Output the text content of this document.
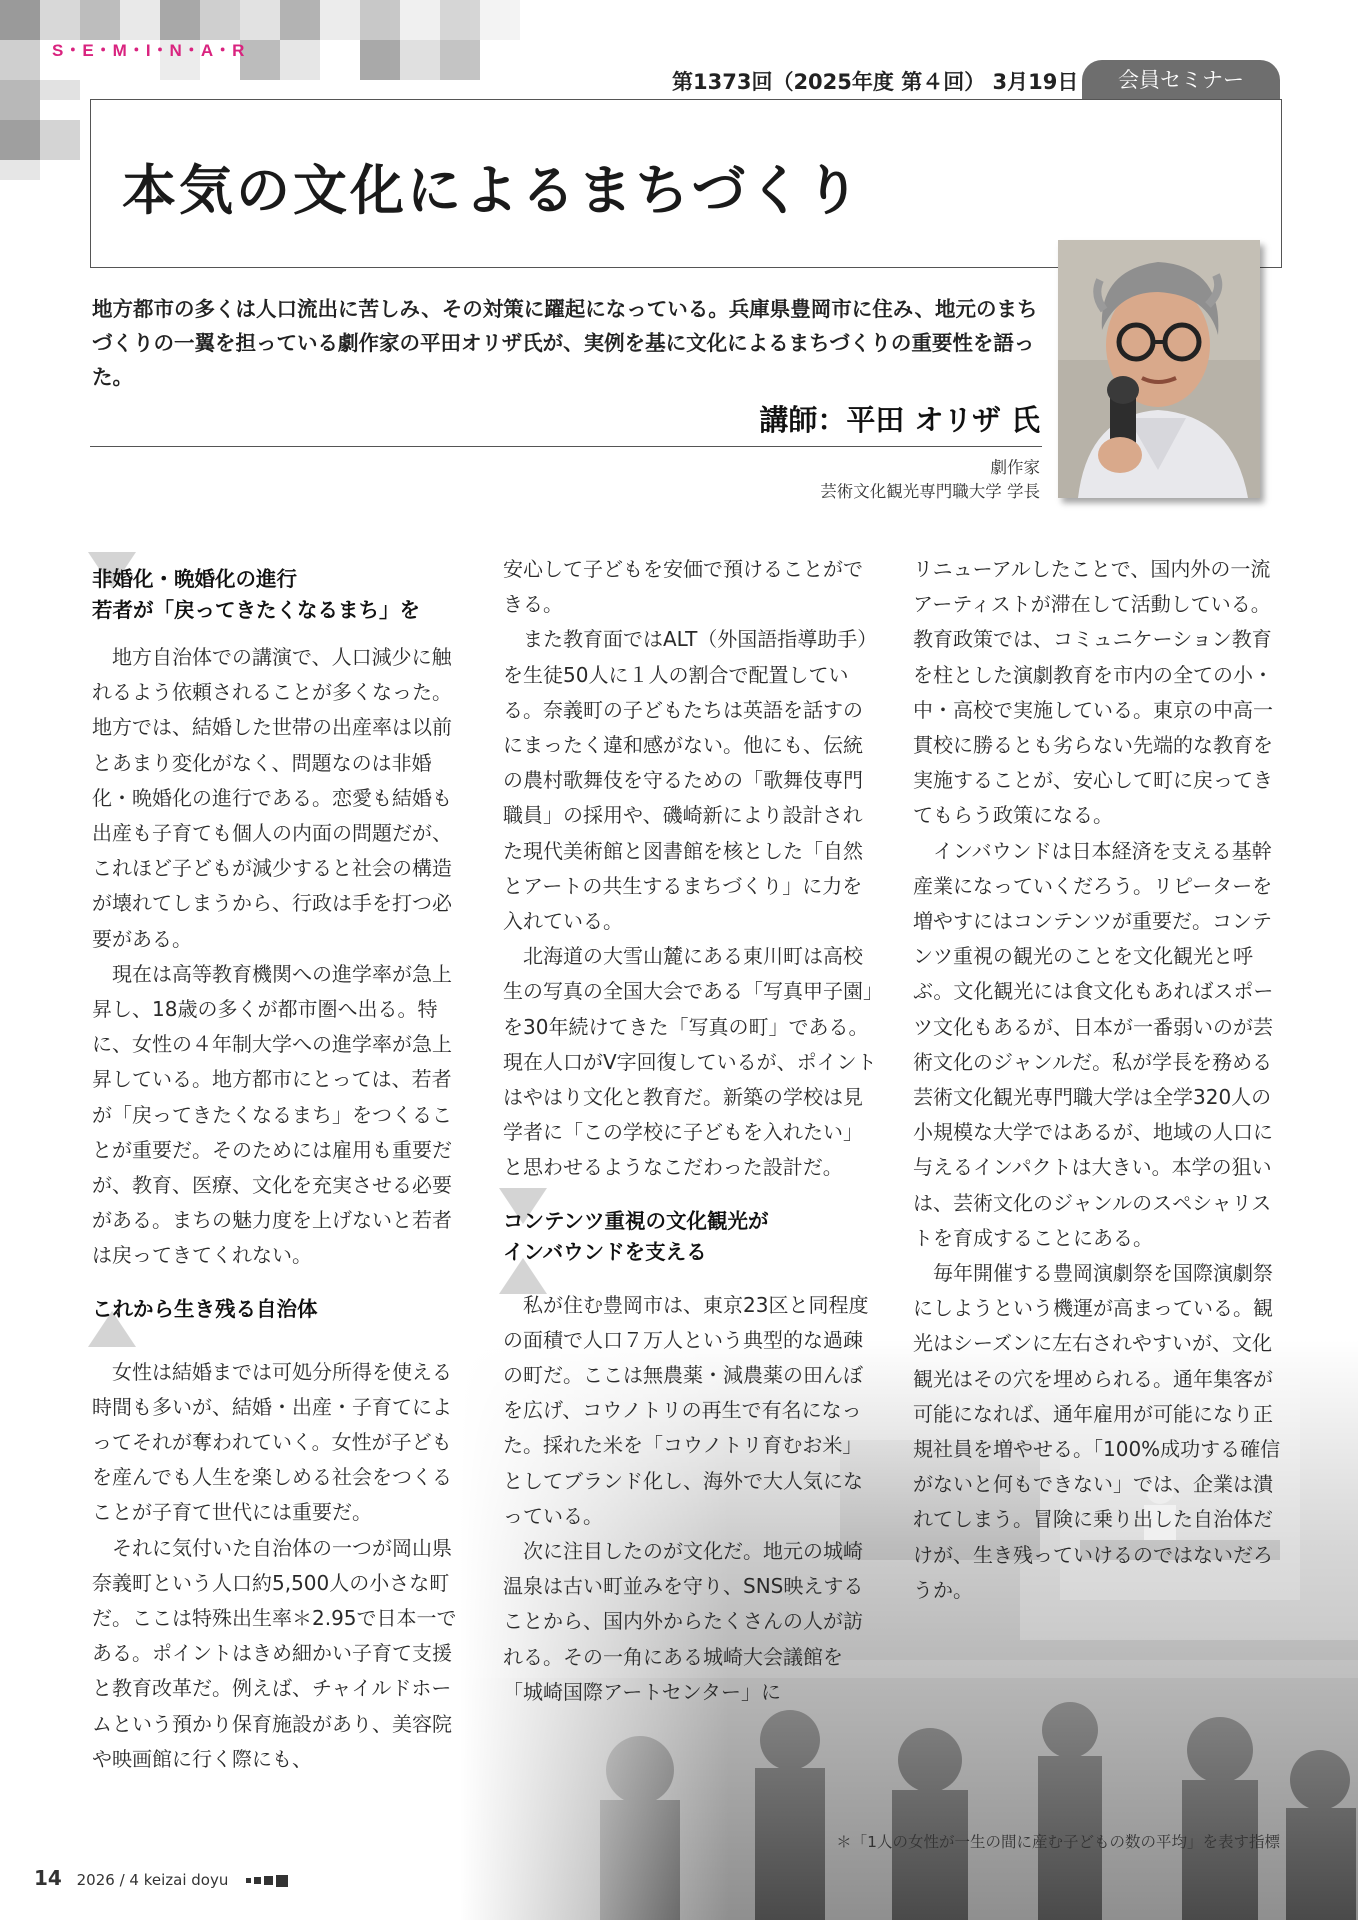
S・E・M・I・N・A・R
第1373回（2025年度 第４回） 3月19日	会員セミナー
本気の文化によるまちづくり
地方都市の多くは人口流出に苦しみ、その対策に躍起になっている。兵庫県豊岡市に住み、地元のまちづくりの一翼を担っている劇作家の平田オリザ氏が、実例を基に文化によるまちづくりの重要性を語った。
講師：平田 オリザ 氏
劇作家
芸術文化観光専門職大学 学長
非婚化・晩婚化の進行
若者が「戻ってきたくなるまち」を

地方自治体での講演で、人口減少に触れるよう依頼されることが多くなった。地方では、結婚した世帯の出産率は以前とあまり変化がなく、問題なのは非婚化・晩婚化の進行である。恋愛も結婚も出産も子育ても個人の内面の問題だが、これほど子どもが減少すると社会の構造が壊れてしまうから、行政は手を打つ必要がある。

現在は高等教育機関への進学率が急上昇し、18歳の多くが都市圏へ出る。特に、女性の４年制大学への進学率が急上昇している。地方都市にとっては、若者が「戻ってきたくなるまち」をつくることが重要だ。そのためには雇用も重要だが、教育、医療、文化を充実させる必要がある。まちの魅力度を上げないと若者は戻ってきてくれない。

これから生き残る自治体

女性は結婚までは可処分所得を使える時間も多いが、結婚・出産・子育てによってそれが奪われていく。女性が子どもを産んでも人生を楽しめる社会をつくることが子育て世代には重要だ。

それに気付いた自治体の一つが岡山県奈義町という人口約5,500人の小さな町だ。ここは特殊出生率＊2.95で日本一である。ポイントはきめ細かい子育て支援と教育改革だ。例えば、チャイルドホームという預かり保育施設があり、美容院や映画館に行く際にも、

安心して子どもを安価で預けることができる。

また教育面ではALT（外国語指導助手）を生徒50人に１人の割合で配置している。奈義町の子どもたちは英語を話すのにまったく違和感がない。他にも、伝統の農村歌舞伎を守るための「歌舞伎専門職員」の採用や、磯崎新により設計された現代美術館と図書館を核とした「自然とアートの共生するまちづくり」に力を入れている。

北海道の大雪山麓にある東川町は高校生の写真の全国大会である「写真甲子園」を30年続けてきた「写真の町」である。現在人口がV字回復しているが、ポイントはやはり文化と教育だ。新築の学校は見学者に「この学校に子どもを入れたい」と思わせるようなこだわった設計だ。

コンテンツ重視の文化観光が
インバウンドを支える

私が住む豊岡市は、東京23区と同程度の面積で人口７万人という典型的な過疎の町だ。ここは無農薬・減農薬の田んぼを広げ、コウノトリの再生で有名になった。採れた米を「コウノトリ育むお米」としてブランド化し、海外で大人気になっている。

次に注目したのが文化だ。地元の城崎温泉は古い町並みを守り、SNS映えすることから、国内外からたくさんの人が訪れる。その一角にある城崎大会議館を「城崎国際アートセンター」に

リニューアルしたことで、国内外の一流アーティストが滞在して活動している。教育政策では、コミュニケーション教育を柱とした演劇教育を市内の全ての小・中・高校で実施している。東京の中高一貫校に勝るとも劣らない先端的な教育を実施することが、安心して町に戻ってきてもらう政策になる。

インバウンドは日本経済を支える基幹産業になっていくだろう。リピーターを増やすにはコンテンツが重要だ。コンテンツ重視の観光のことを文化観光と呼ぶ。文化観光には食文化もあればスポーツ文化もあるが、日本が一番弱いのが芸術文化のジャンルだ。私が学長を務める芸術文化観光専門職大学は全学320人の小規模な大学ではあるが、地域の人口に与えるインパクトは大きい。本学の狙いは、芸術文化のジャンルのスペシャリストを育成することにある。

毎年開催する豊岡演劇祭を国際演劇祭にしようという機運が高まっている。観光はシーズンに左右されやすいが、文化観光はその穴を埋められる。通年集客が可能になれば、通年雇用が可能になり正規社員を増やせる。「100%成功する確信がないと何もできない」では、企業は潰れてしまう。冒険に乗り出した自治体だけが、生き残っていけるのではないだろうか。

＊「1人の女性が一生の間に産む子どもの数の平均」を表す指標
14 2026 / 4 keizai doyu
